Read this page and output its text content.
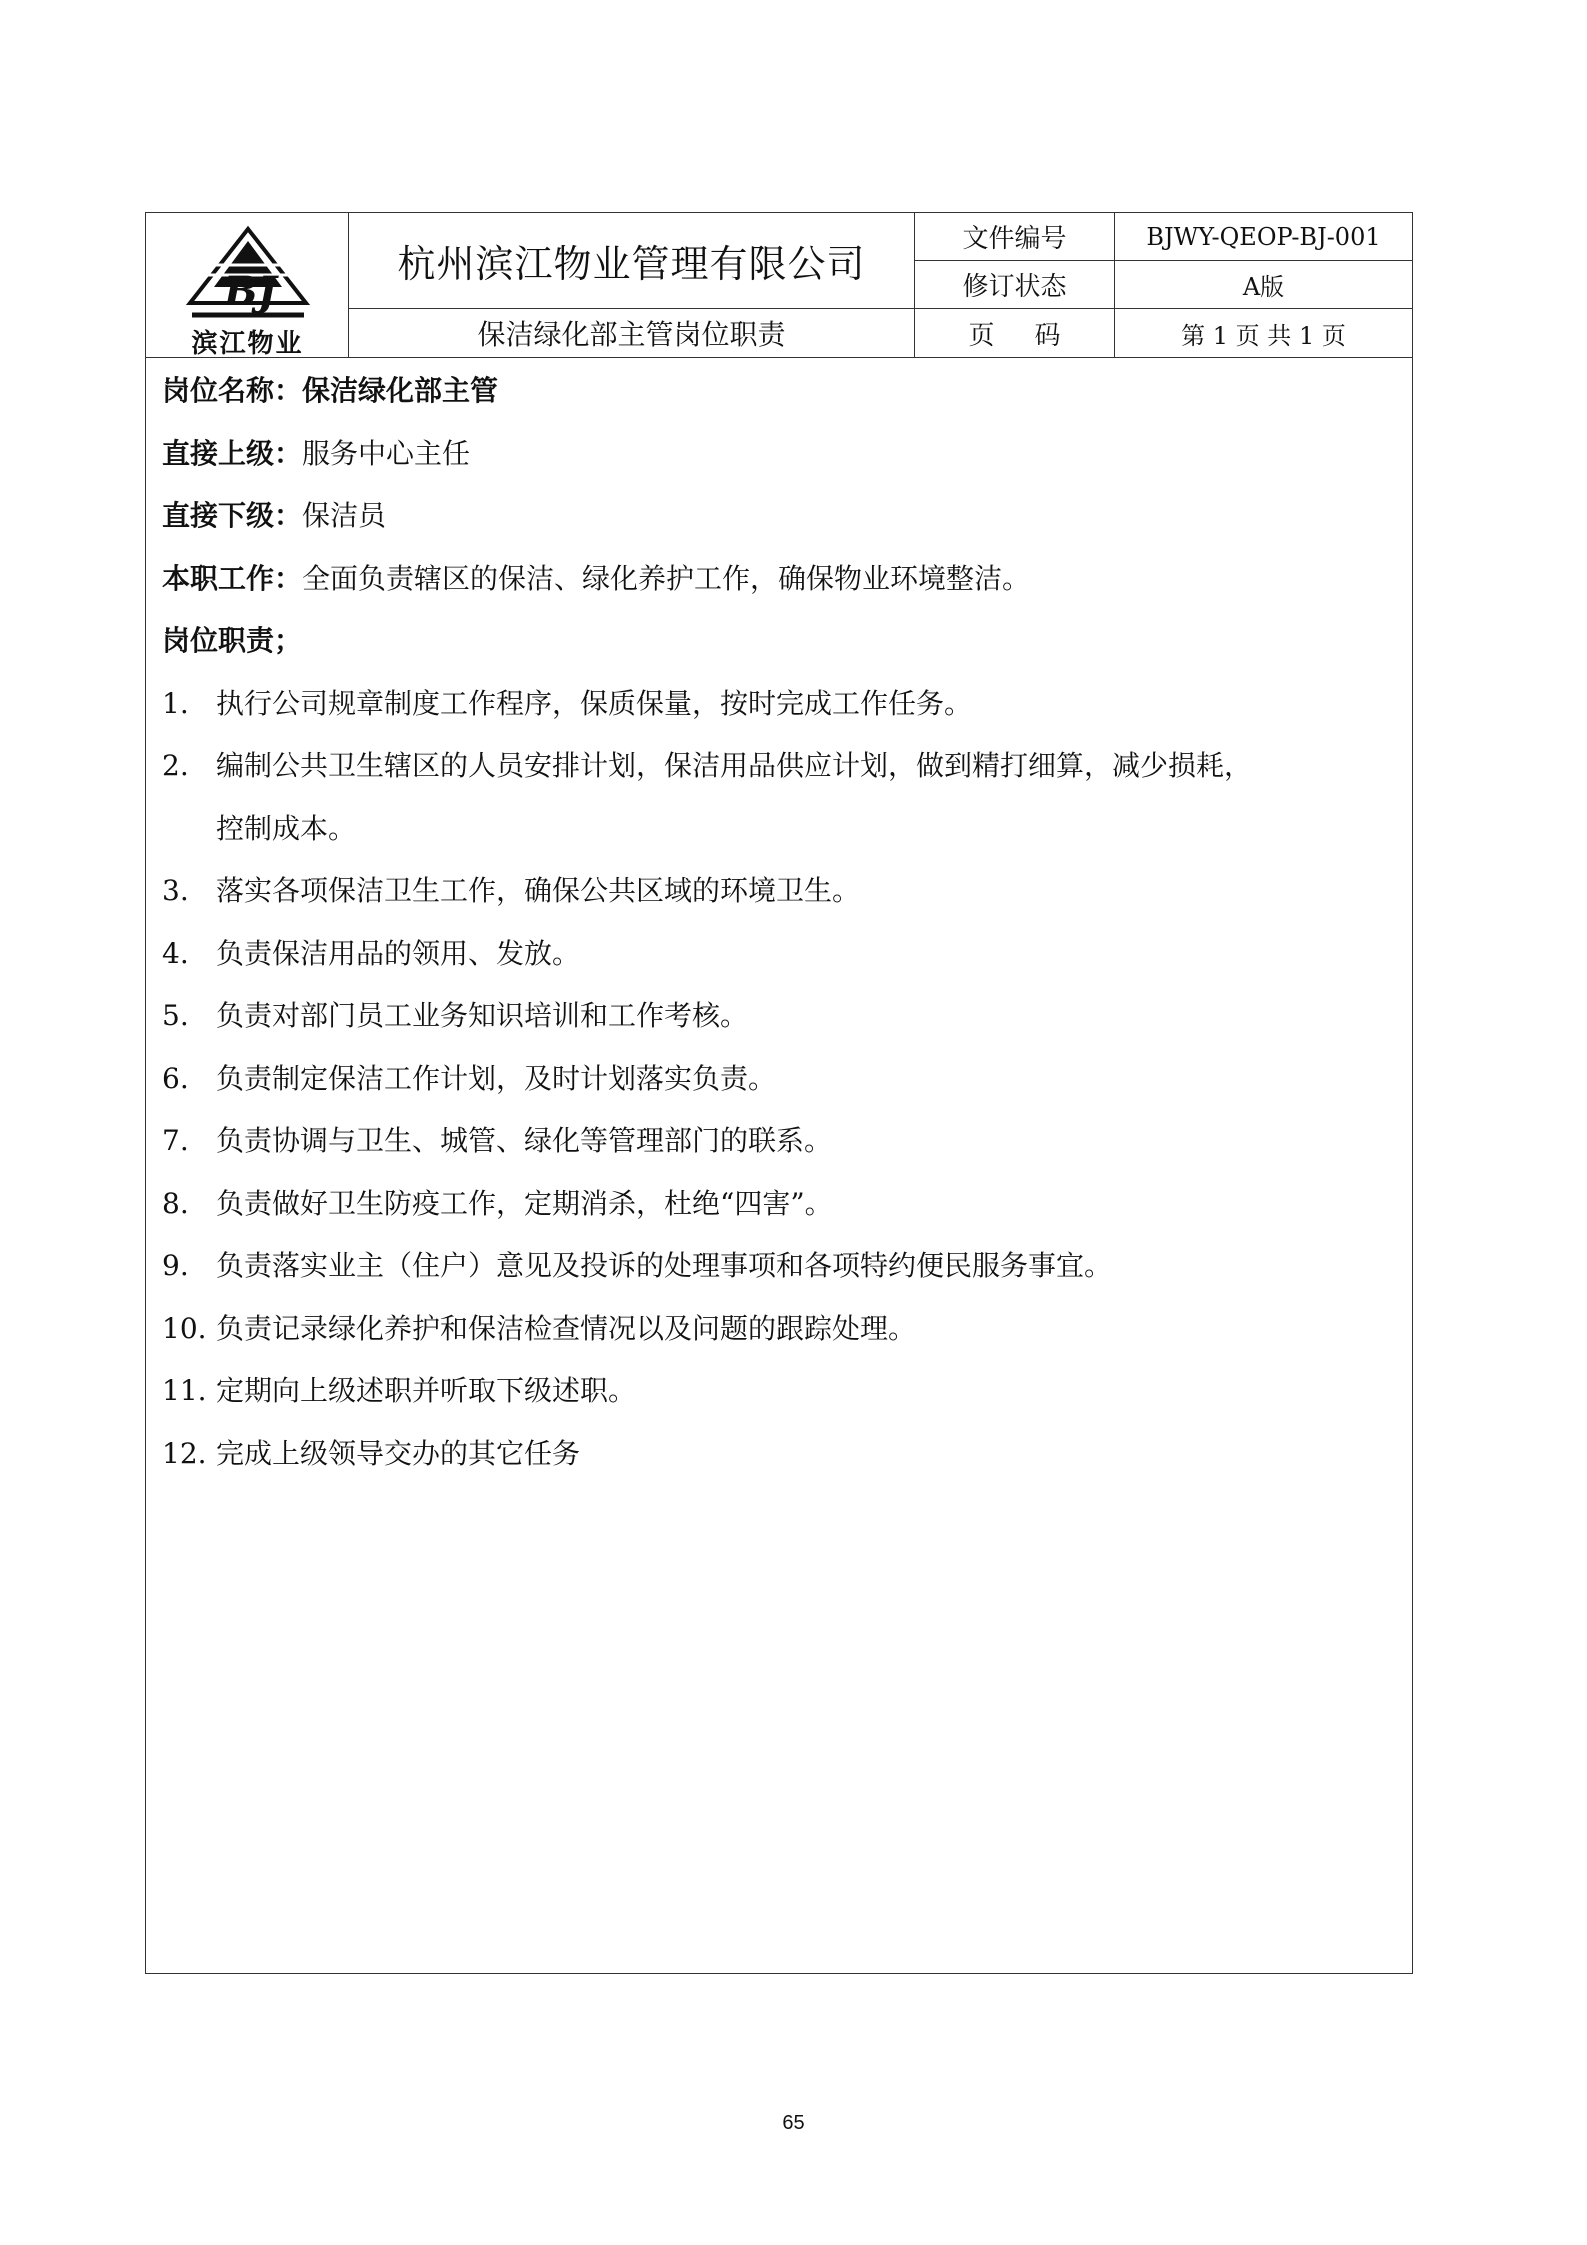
BJ
滨江物业
杭州滨江物业管理有限公司
保洁绿化部主管岗位职责
文件编号	BJWY-QEOP-BJ-001
修订状态	A版
页码	第 1 页 共 1 页
岗位名称：保洁绿化部主管
直接上级：服务中心主任
直接下级：保洁员
本职工作：全面负责辖区的保洁、绿化养护工作，确保物业环境整洁。
岗位职责；
1. 执行公司规章制度工作程序，保质保量，按时完成工作任务。
2. 编制公共卫生辖区的人员安排计划，保洁用品供应计划，做到精打细算，减少损耗，
控制成本。
3. 落实各项保洁卫生工作，确保公共区域的环境卫生。
4. 负责保洁用品的领用、发放。
5. 负责对部门员工业务知识培训和工作考核。
6. 负责制定保洁工作计划，及时计划落实负责。
7. 负责协调与卫生、城管、绿化等管理部门的联系。
8. 负责做好卫生防疫工作，定期消杀，杜绝“四害”。
9. 负责落实业主（住户）意见及投诉的处理事项和各项特约便民服务事宜。
10. 负责记录绿化养护和保洁检查情况以及问题的跟踪处理。
11. 定期向上级述职并听取下级述职。
12. 完成上级领导交办的其它任务
65
